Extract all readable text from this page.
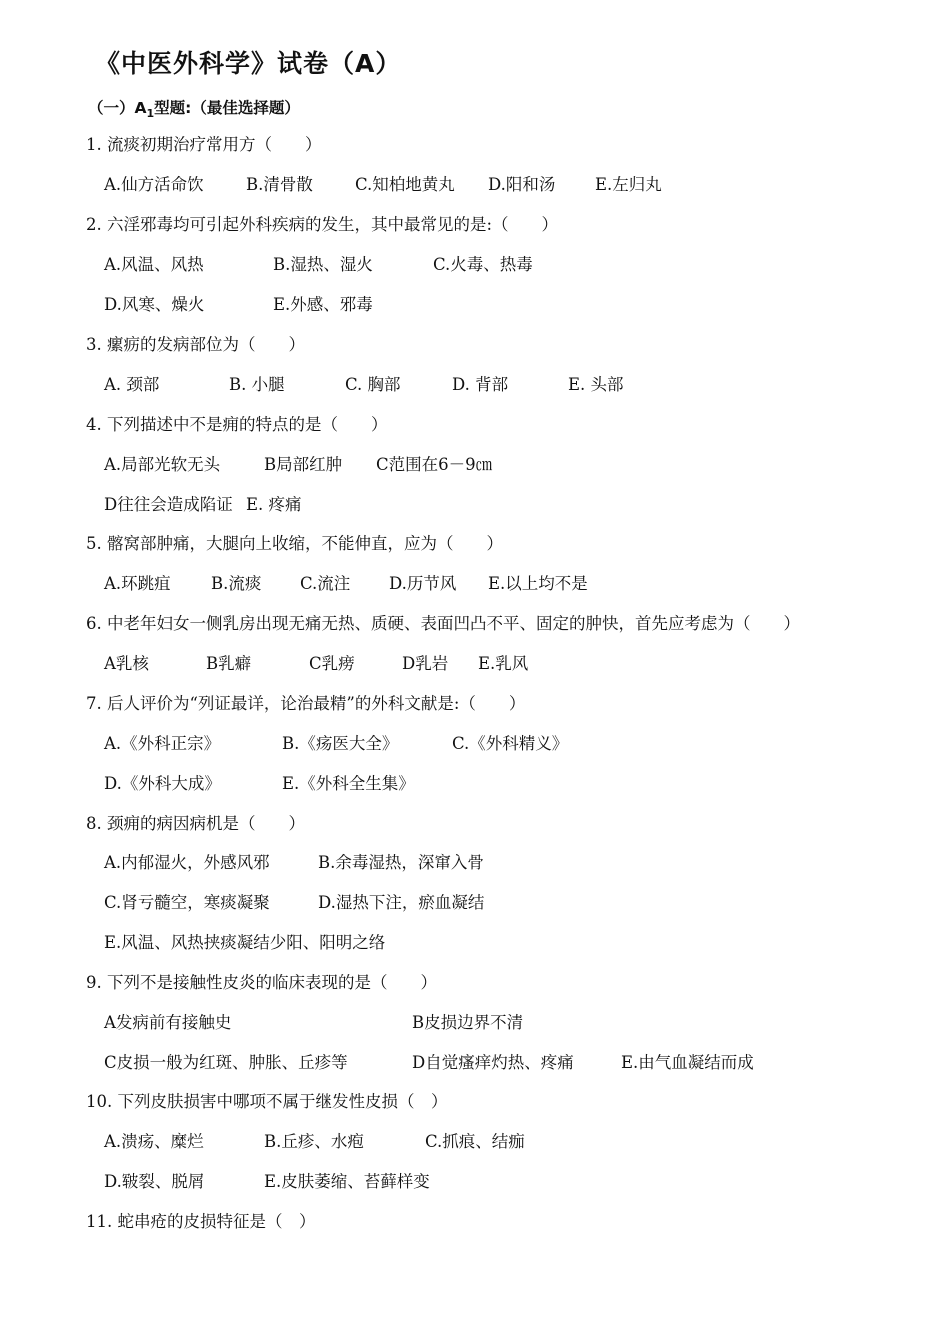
《中医外科学》试卷（A）
（一）$A_1$型题:（最佳选择题）
1. 流痰初期治疗常用方（　　）
A.仙方活命饮	B.清骨散	C.知柏地黄丸 D.阳和汤 E.左归丸
2. 六淫邪毒均可引起外科疾病的发生，其中最常见的是:（　　）
A.风温、风热	B.湿热、湿火	C.火毒、热毒
D.风寒、燥火	E.外感、邪毒
3. 瘰疬的发病部位为（　　）
A. 颈部	B. 小腿	C. 胸部	D. 背部	E. 头部
4. 下列描述中不是痈的特点的是（　　）
A.局部光软无头	B局部红肿 C范围在6－9㎝
D往往会造成陷证 E. 疼痛
5. 髂窝部肿痛，大腿向上收缩，不能伸直，应为（　　）
A.环跳疽 B.流痰 C.流注 D.历节风 E.以上均不是
6. 中老年妇女一侧乳房出现无痛无热、质硬、表面凹凸不平、固定的肿快，首先应考虑为（　　）
A乳核	B乳癖	C乳痨	D乳岩 E.乳风
7. 后人评价为“列证最详，论治最精”的外科文献是:（　　）
A.《外科正宗》	B.《疡医大全》	C.《外科精义》
D.《外科大成》	E.《外科全生集》
8. 颈痈的病因病机是（　　）
A.内郁湿火，外感风邪	B.余毒湿热，深窜入骨
C.肾亏髓空，寒痰凝聚	D.湿热下注，瘀血凝结
E.风温、风热挟痰凝结少阳、阳明之络
9. 下列不是接触性皮炎的临床表现的是（　　）
A发病前有接触史	B皮损边界不清
C皮损一般为红斑、肿胀、丘疹等	D自觉瘙痒灼热、疼痛	E.由气血凝结而成
10. 下列皮肤损害中哪项不属于继发性皮损（　）
A.溃疡、糜烂	B.丘疹、水疱	C.抓痕、结痂
D.皲裂、脱屑	E.皮肤萎缩、苔藓样变
11. 蛇串疮的皮损特征是（　）
